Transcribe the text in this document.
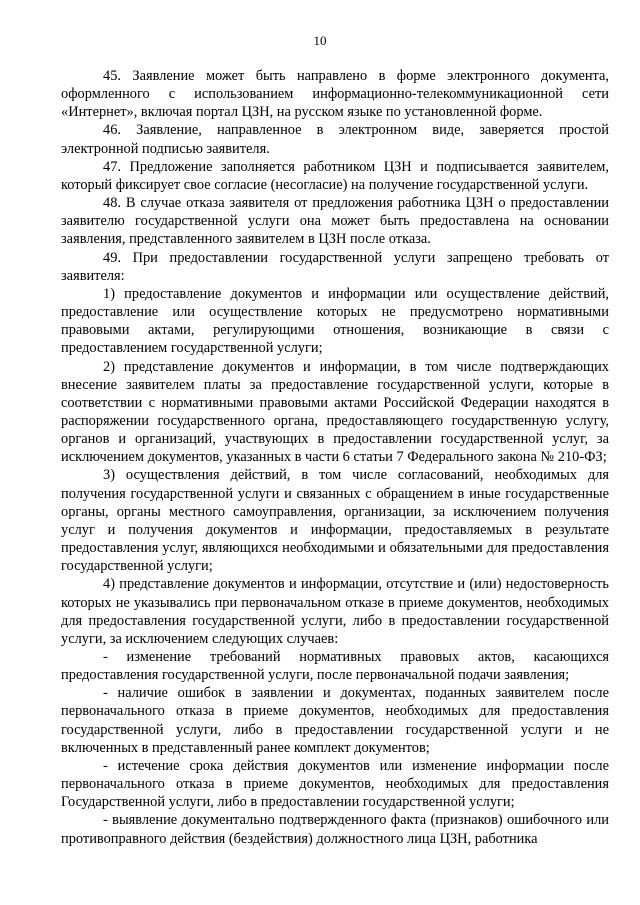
10

45. Заявление может быть направлено в форме электронного документа, оформленного с использованием информационно-телекоммуникационной сети «Интернет», включая портал ЦЗН, на русском языке по установленной форме.

46. Заявление, направленное в электронном виде, заверяется простой электронной подписью заявителя.

47. Предложение заполняется работником ЦЗН и подписывается заявителем, который фиксирует свое согласие (несогласие) на получение государственной услуги.

48. В случае отказа заявителя от предложения работника ЦЗН о предоставлении заявителю государственной услуги она может быть предоставлена на основании заявления, представленного заявителем в ЦЗН после отказа.

49. При предоставлении государственной услуги запрещено требовать от заявителя:

1) предоставление документов и информации или осуществление действий, предоставление или осуществление которых не предусмотрено нормативными правовыми актами, регулирующими отношения, возникающие в связи с предоставлением государственной услуги;

2) представление документов и информации, в том числе подтверждающих внесение заявителем платы за предоставление государственной услуги, которые в соответствии с нормативными правовыми актами Российской Федерации находятся в распоряжении государственного органа, предоставляющего государственную услугу, органов и организаций, участвующих в предоставлении государственной услуг, за исключением документов, указанных в части 6 статьи 7 Федерального закона № 210-ФЗ;

3) осуществления действий, в том числе согласований, необходимых для получения государственной услуги и связанных с обращением в иные государственные органы, органы местного самоуправления, организации, за исключением получения услуг и получения документов и информации, предоставляемых в результате предоставления услуг, являющихся необходимыми и обязательными для предоставления государственной услуги;

4) представление документов и информации, отсутствие и (или) недостоверность которых не указывались при первоначальном отказе в приеме документов, необходимых для предоставления государственной услуги, либо в предоставлении государственной услуги, за исключением следующих случаев:

- изменение требований нормативных правовых актов, касающихся предоставления государственной услуги, после первоначальной подачи заявления;

- наличие ошибок в заявлении и документах, поданных заявителем после первоначального отказа в приеме документов, необходимых для предоставления государственной услуги, либо в предоставлении государственной услуги и не включенных в представленный ранее комплект документов;

- истечение срока действия документов или изменение информации после первоначального отказа в приеме документов, необходимых для предоставления Государственной услуги, либо в предоставлении государственной услуги;

- выявление документально подтвержденного факта (признаков) ошибочного или противоправного действия (бездействия) должностного лица ЦЗН, работника
